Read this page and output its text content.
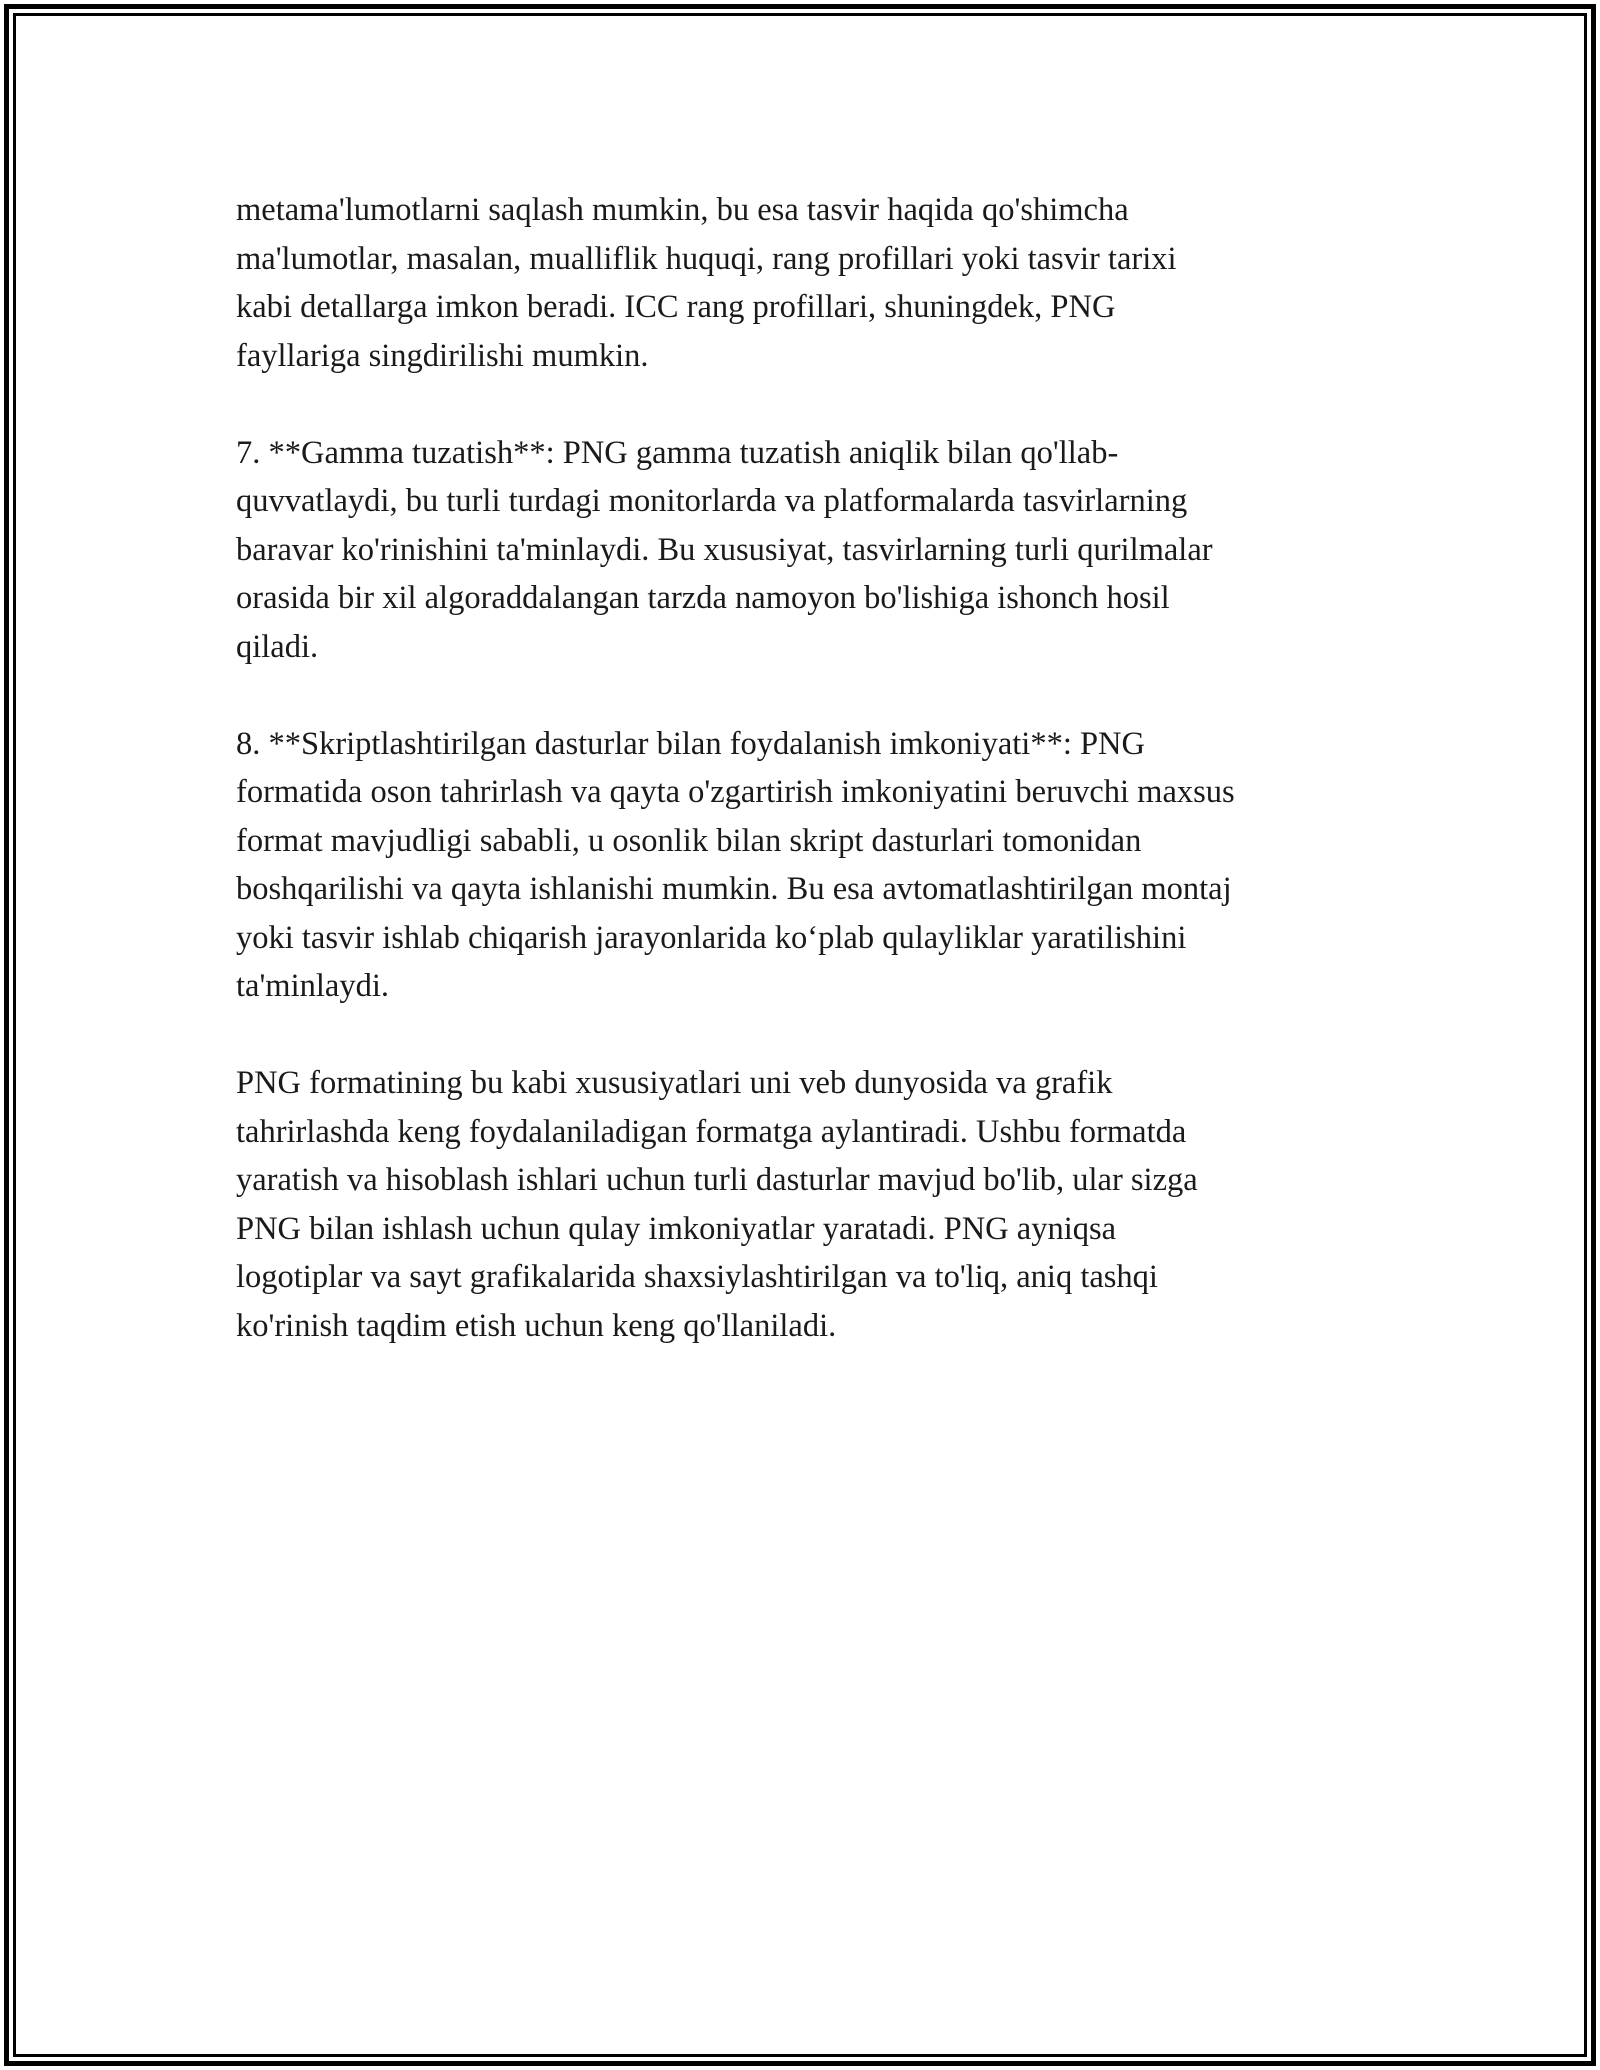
metama'lumotlarni saqlash mumkin, bu esa tasvir haqida qo'shimcha
ma'lumotlar, masalan, mualliflik huquqi, rang profillari yoki tasvir tarixi
kabi detallarga imkon beradi. ICC rang profillari, shuningdek, PNG
fayllariga singdirilishi mumkin.

7. **Gamma tuzatish**: PNG gamma tuzatish aniqlik bilan qo'llab-
quvvatlaydi, bu turli turdagi monitorlarda va platformalarda tasvirlarning
baravar ko'rinishini ta'minlaydi. Bu xususiyat, tasvirlarning turli qurilmalar
orasida bir xil algoraddalangan tarzda namoyon bo'lishiga ishonch hosil
qiladi.

8. **Skriptlashtirilgan dasturlar bilan foydalanish imkoniyati**: PNG
formatida oson tahrirlash va qayta o'zgartirish imkoniyatini beruvchi maxsus
format mavjudligi sababli, u osonlik bilan skript dasturlari tomonidan
boshqarilishi va qayta ishlanishi mumkin. Bu esa avtomatlashtirilgan montaj
yoki tasvir ishlab chiqarish jarayonlarida ko‘plab qulayliklar yaratilishini
ta'minlaydi.

PNG formatining bu kabi xususiyatlari uni veb dunyosida va grafik
tahrirlashda keng foydalaniladigan formatga aylantiradi. Ushbu formatda
yaratish va hisoblash ishlari uchun turli dasturlar mavjud bo'lib, ular sizga
PNG bilan ishlash uchun qulay imkoniyatlar yaratadi. PNG ayniqsa
logotiplar va sayt grafikalarida shaxsiylashtirilgan va to'liq, aniq tashqi
ko'rinish taqdim etish uchun keng qo'llaniladi.
